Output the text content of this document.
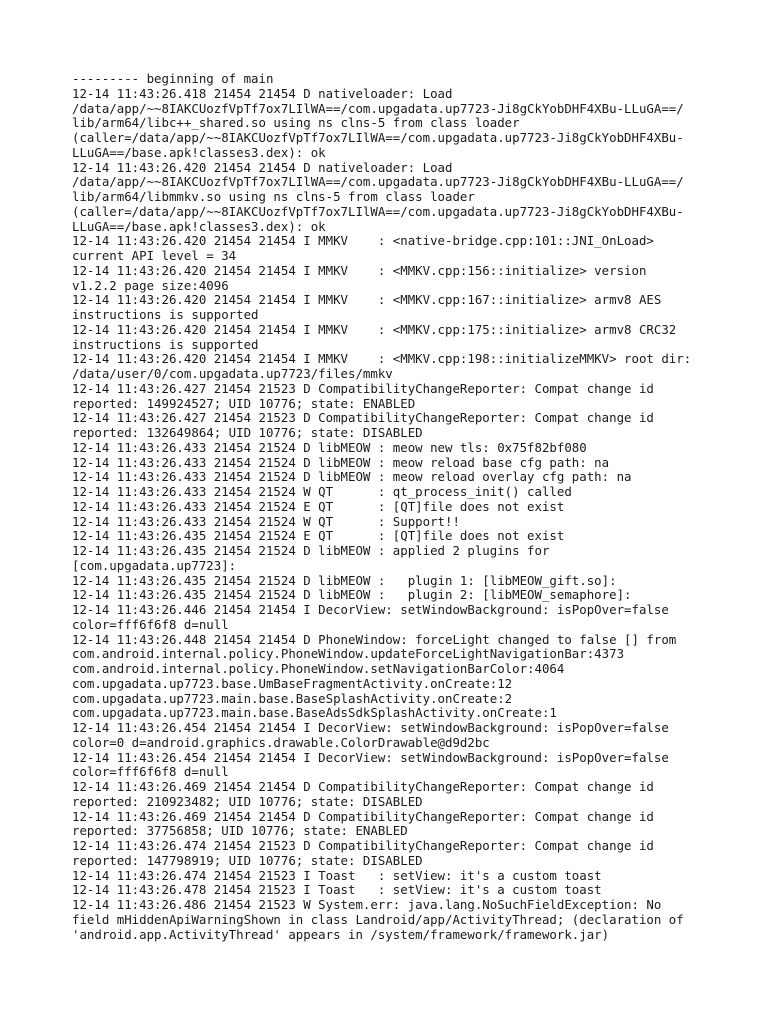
--------- beginning of main
12-14 11:43:26.418 21454 21454 D nativeloader: Load
/data/app/~~8IAKCUozfVpTf7ox7LIlWA==/com.upgadata.up7723-Ji8gCkYobDHF4XBu-LLuGA==/
lib/arm64/libc++_shared.so using ns clns-5 from class loader
(caller=/data/app/~~8IAKCUozfVpTf7ox7LIlWA==/com.upgadata.up7723-Ji8gCkYobDHF4XBu-
LLuGA==/base.apk!classes3.dex): ok
12-14 11:43:26.420 21454 21454 D nativeloader: Load
/data/app/~~8IAKCUozfVpTf7ox7LIlWA==/com.upgadata.up7723-Ji8gCkYobDHF4XBu-LLuGA==/
lib/arm64/libmmkv.so using ns clns-5 from class loader
(caller=/data/app/~~8IAKCUozfVpTf7ox7LIlWA==/com.upgadata.up7723-Ji8gCkYobDHF4XBu-
LLuGA==/base.apk!classes3.dex): ok
12-14 11:43:26.420 21454 21454 I MMKV    : <native-bridge.cpp:101::JNI_OnLoad>
current API level = 34
12-14 11:43:26.420 21454 21454 I MMKV    : <MMKV.cpp:156::initialize> version
v1.2.2 page size:4096
12-14 11:43:26.420 21454 21454 I MMKV    : <MMKV.cpp:167::initialize> armv8 AES
instructions is supported
12-14 11:43:26.420 21454 21454 I MMKV    : <MMKV.cpp:175::initialize> armv8 CRC32
instructions is supported
12-14 11:43:26.420 21454 21454 I MMKV    : <MMKV.cpp:198::initializeMMKV> root dir:
/data/user/0/com.upgadata.up7723/files/mmkv
12-14 11:43:26.427 21454 21523 D CompatibilityChangeReporter: Compat change id
reported: 149924527; UID 10776; state: ENABLED
12-14 11:43:26.427 21454 21523 D CompatibilityChangeReporter: Compat change id
reported: 132649864; UID 10776; state: DISABLED
12-14 11:43:26.433 21454 21524 D libMEOW : meow new tls: 0x75f82bf080
12-14 11:43:26.433 21454 21524 D libMEOW : meow reload base cfg path: na
12-14 11:43:26.433 21454 21524 D libMEOW : meow reload overlay cfg path: na
12-14 11:43:26.433 21454 21524 W QT      : qt_process_init() called
12-14 11:43:26.433 21454 21524 E QT      : [QT]file does not exist
12-14 11:43:26.433 21454 21524 W QT      : Support!!
12-14 11:43:26.435 21454 21524 E QT      : [QT]file does not exist
12-14 11:43:26.435 21454 21524 D libMEOW : applied 2 plugins for
[com.upgadata.up7723]:
12-14 11:43:26.435 21454 21524 D libMEOW :   plugin 1: [libMEOW_gift.so]:
12-14 11:43:26.435 21454 21524 D libMEOW :   plugin 2: [libMEOW_semaphore]:
12-14 11:43:26.446 21454 21454 I DecorView: setWindowBackground: isPopOver=false
color=fff6f6f8 d=null
12-14 11:43:26.448 21454 21454 D PhoneWindow: forceLight changed to false [] from
com.android.internal.policy.PhoneWindow.updateForceLightNavigationBar:4373
com.android.internal.policy.PhoneWindow.setNavigationBarColor:4064
com.upgadata.up7723.base.UmBaseFragmentActivity.onCreate:12
com.upgadata.up7723.main.base.BaseSplashActivity.onCreate:2
com.upgadata.up7723.main.base.BaseAdsSdkSplashActivity.onCreate:1
12-14 11:43:26.454 21454 21454 I DecorView: setWindowBackground: isPopOver=false
color=0 d=android.graphics.drawable.ColorDrawable@d9d2bc
12-14 11:43:26.454 21454 21454 I DecorView: setWindowBackground: isPopOver=false
color=fff6f6f8 d=null
12-14 11:43:26.469 21454 21454 D CompatibilityChangeReporter: Compat change id
reported: 210923482; UID 10776; state: DISABLED
12-14 11:43:26.469 21454 21454 D CompatibilityChangeReporter: Compat change id
reported: 37756858; UID 10776; state: ENABLED
12-14 11:43:26.474 21454 21523 D CompatibilityChangeReporter: Compat change id
reported: 147798919; UID 10776; state: DISABLED
12-14 11:43:26.474 21454 21523 I Toast   : setView: it's a custom toast
12-14 11:43:26.478 21454 21523 I Toast   : setView: it's a custom toast
12-14 11:43:26.486 21454 21523 W System.err: java.lang.NoSuchFieldException: No
field mHiddenApiWarningShown in class Landroid/app/ActivityThread; (declaration of
'android.app.ActivityThread' appears in /system/framework/framework.jar)
